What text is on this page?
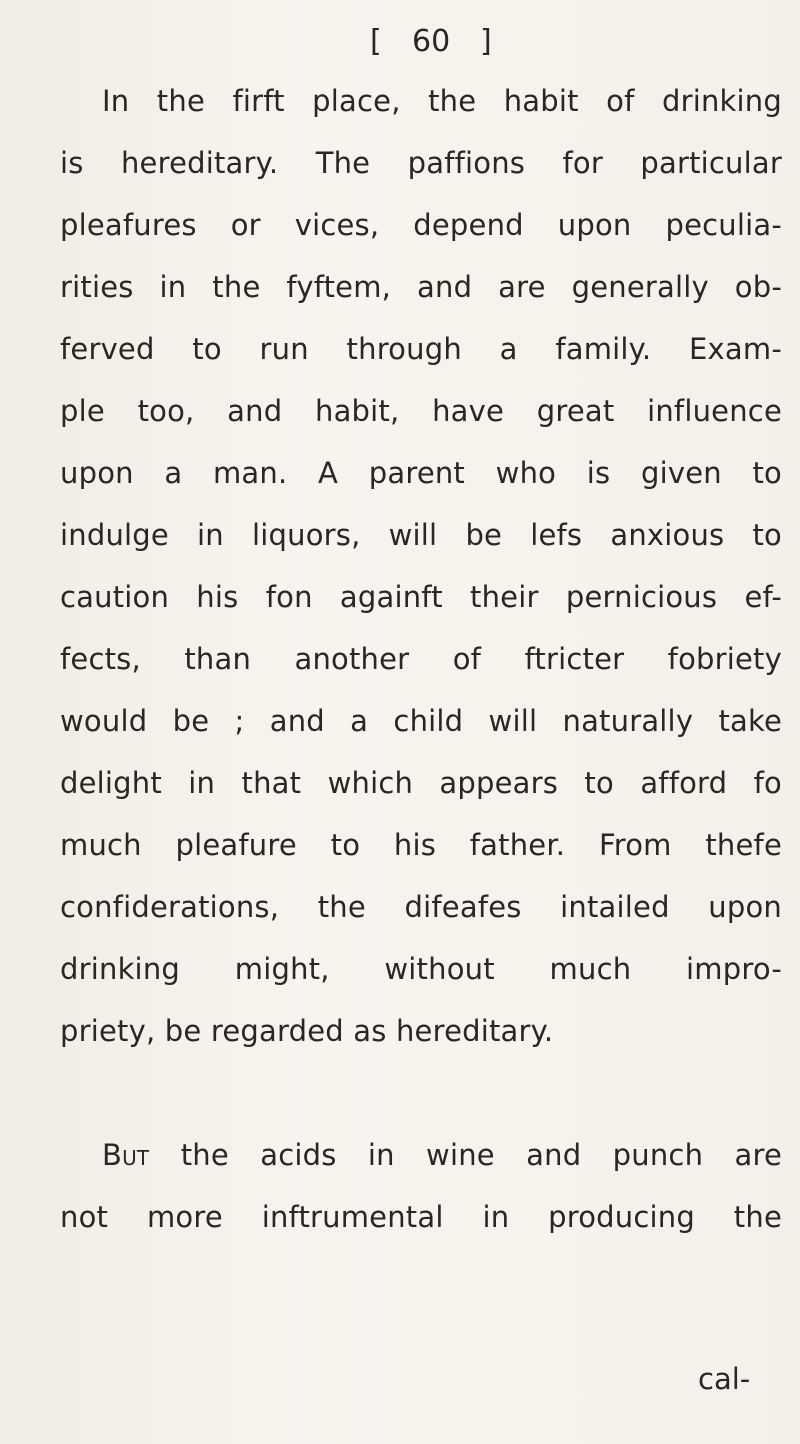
[ 60 ]
In the firft place, the habit of drinking
is hereditary. The paffions for particular
pleafures or vices, depend upon peculia-
rities in the fyftem, and are generally ob-
ferved to run through a family. Exam-
ple too, and habit, have great influence
upon a man. A parent who is given to
indulge in liquors, will be lefs anxious to
caution his fon againft their pernicious ef-
fects, than another of ftricter fobriety
would be ; and a child will naturally take
delight in that which appears to afford fo
much pleafure to his father. From thefe
confiderations, the difeafes intailed upon
drinking might, without much impro-
priety, be regarded as hereditary.
But the acids in wine and punch are
not more inftrumental in producing the
cal-
